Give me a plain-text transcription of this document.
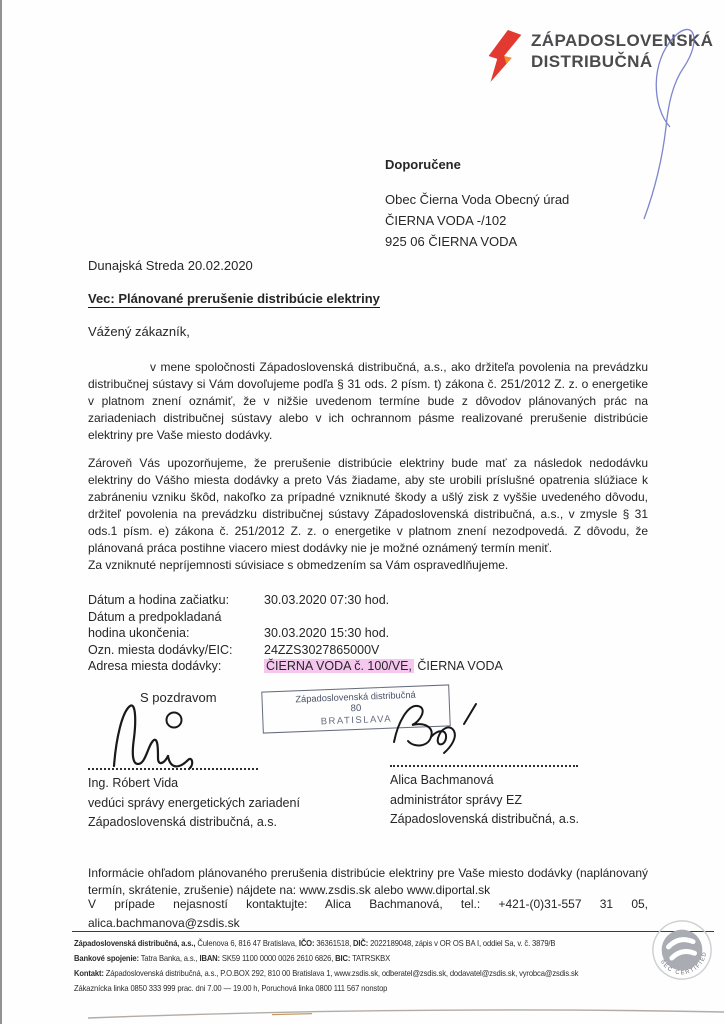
ZÁPADOSLOVENSKÁ
DISTRIBUČNÁ
Doporučene
Obec Čierna Voda Obecný úrad
ČIERNA VODA -/102
925 06 ČIERNA VODA
Dunajská Streda 20.02.2020
Vec: Plánované prerušenie distribúcie elektriny
Vážený zákazník,

v mene spoločnosti Západoslovenská distribučná, a.s., ako držiteľa povolenia na prevádzku distribučnej sústavy si Vám dovoľujeme podľa § 31 ods. 2 písm. t) zákona č. 251/2012 Z. z. o energetike v platnom znení oznámiť, že v nižšie uvedenom termíne bude z dôvodov plánovaných prác na zariadeniach distribučnej sústavy alebo v ich ochrannom pásme realizované prerušenie distribúcie elektriny pre Vaše miesto dodávky.

Zároveň Vás upozorňujeme, že prerušenie distribúcie elektriny bude mať za následok nedodávku elektriny do Vášho miesta dodávky a preto Vás žiadame, aby ste urobili príslušné opatrenia slúžiace k zabráneniu vzniku škôd, nakoľko za prípadné vzniknuté škody a ušlý zisk z vyššie uvedeného dôvodu, držiteľ povolenia na prevádzku distribučnej sústavy Západoslovenská distribučná, a.s., v zmysle § 31 ods.1 písm. e) zákona č. 251/2012 Z. z. o energetike v platnom znení nezodpovedá. Z dôvodu, že plánovaná práca postihne viacero miest dodávky nie je možné oznámený termín meniť.

Za vzniknuté nepríjemnosti súvisiace s obmedzením sa Vám ospravedlňujeme.

Dátum a hodina začiatku:	30.03.2020 07:30 hod.
Dátum a predpokladaná
hodina ukončenia:	30.03.2020 15:30 hod.
Ozn. miesta dodávky/EIC:	24ZZS3027865000V
Adresa miesta dodávky:	ČIERNA VODA č. 100/VE, ČIERNA VODA
S pozdravom	Západoslovenská distribučná
80
BRATISLAVA
Ing. Róbert Vida
vedúci správy energetických zariadení
Západoslovenská distribučná, a.s.
Alica Bachmanová
administrátor správy EZ
Západoslovenská distribučná, a.s.

Informácie ohľadom plánovaného prerušenia distribúcie elektriny pre Vaše miesto dodávky (naplánovaný termín, skrátenie, zrušenie) nájdete na: www.zsdis.sk alebo www.diportal.sk

V prípade nejasností kontaktujte: Alica Bachmanová, tel.: +421-(0)31-557 31 05,
alica.bachmanova@zsdis.sk
Západoslovenská distribučná, a.s., Čulenova 6, 816 47 Bratislava, IČO: 36361518, DIČ: 2022189048, zápis v OR OS BA I, oddiel Sa, v. č. 3879/B
Bankové spojenie: Tatra Banka, a.s., IBAN: SK59 1100 0000 0026 2610 6826, BIC: TATRSKBX
Kontakt: Západoslovenská distribučná, a.s., P.O.BOX 292, 810 00 Bratislava 1, www.zsdis.sk, odberatel@zsdis.sk, dodavatel@zsdis.sk, vyrobca@zsdis.sk
Zákaznícka linka 0850 333 999 prac. dni 7.00 — 19.00 h, Poruchová linka 0800 111 567 nonstop
SEC CERTIFIED
